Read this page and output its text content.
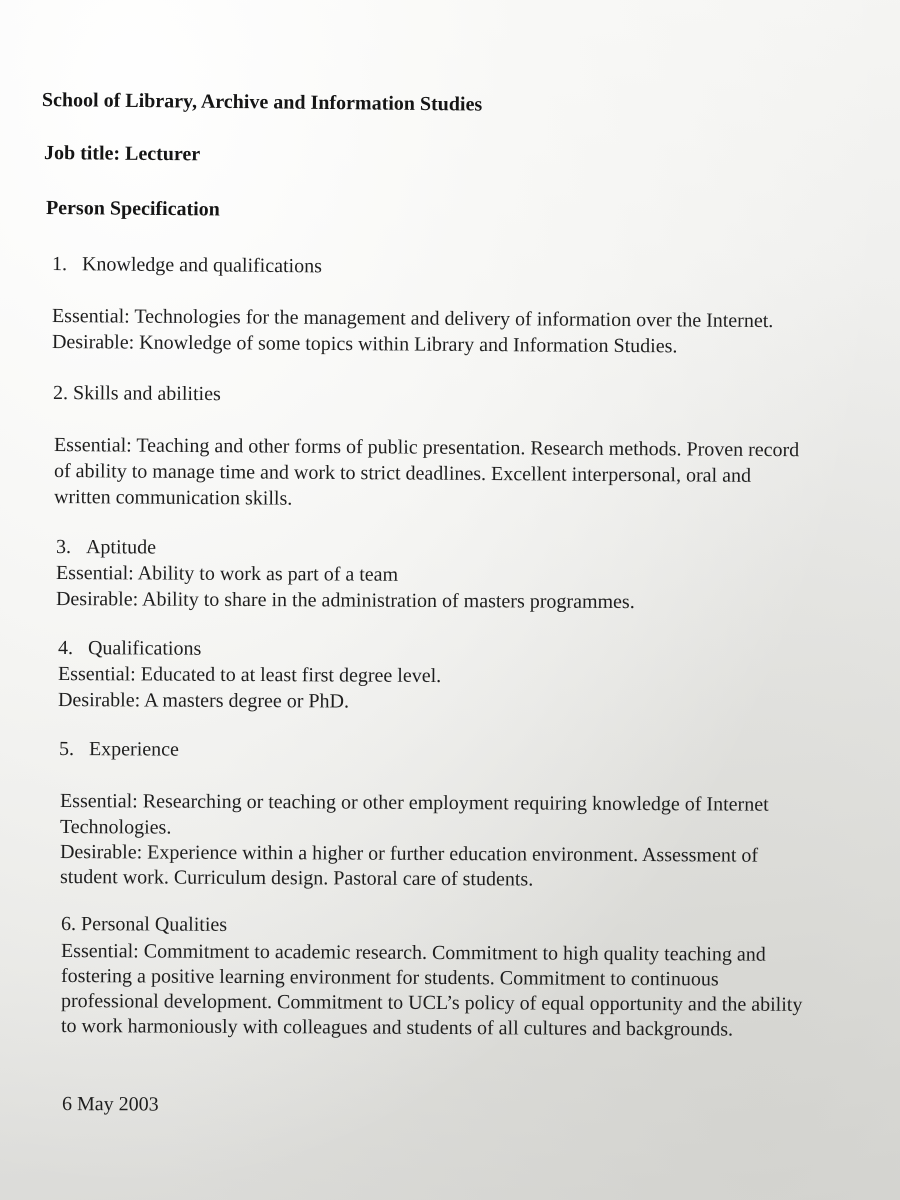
School of Library, Archive and Information Studies
Job title: Lecturer
Person Specification
1. Knowledge and qualifications
Essential: Technologies for the management and delivery of information over the Internet.
Desirable: Knowledge of some topics within Library and Information Studies.
2. Skills and abilities
Essential: Teaching and other forms of public presentation. Research methods. Proven record
of ability to manage time and work to strict deadlines. Excellent interpersonal, oral and
written communication skills.
3. Aptitude
Essential: Ability to work as part of a team
Desirable: Ability to share in the administration of masters programmes.
4. Qualifications
Essential: Educated to at least first degree level.
Desirable: A masters degree or PhD.
5. Experience
Essential: Researching or teaching or other employment requiring knowledge of Internet
Technologies.
Desirable: Experience within a higher or further education environment. Assessment of
student work. Curriculum design. Pastoral care of students.
6. Personal Qualities
Essential: Commitment to academic research. Commitment to high quality teaching and
fostering a positive learning environment for students. Commitment to continuous
professional development. Commitment to UCL’s policy of equal opportunity and the ability
to work harmoniously with colleagues and students of all cultures and backgrounds.
6 May 2003
